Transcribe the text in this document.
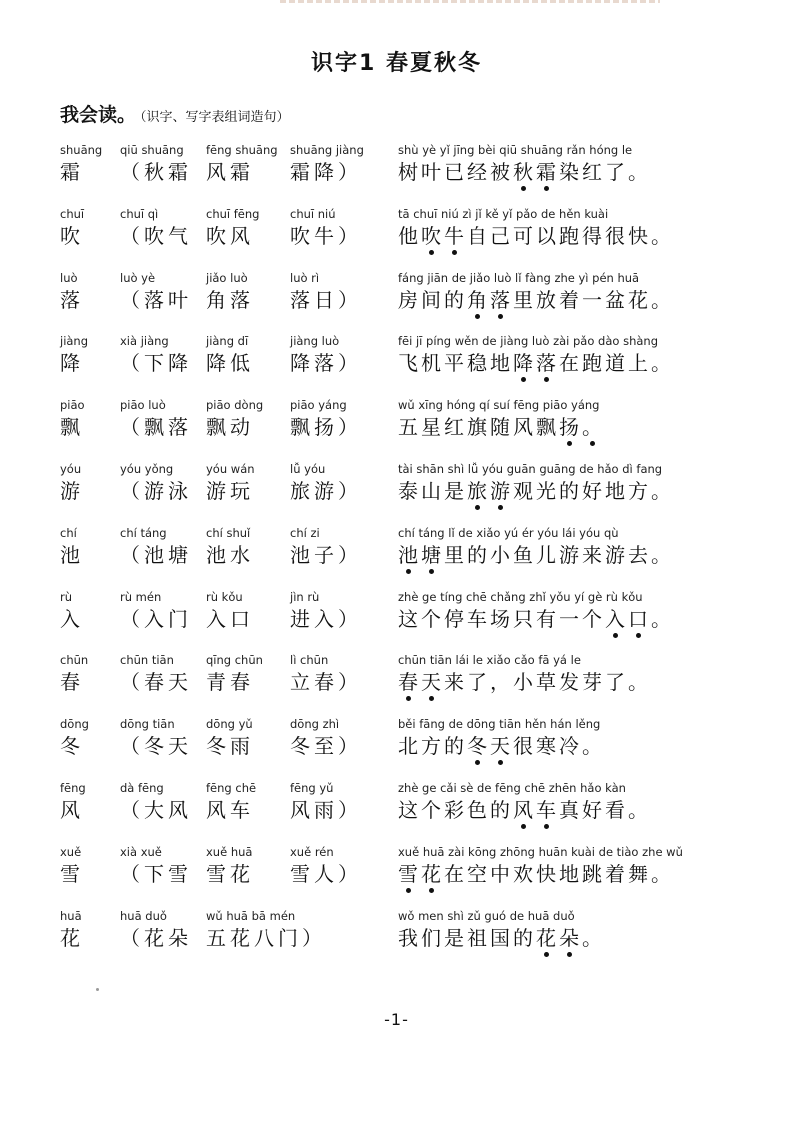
识字1 春夏秋冬
我会读。 （识字、写字表组词造句）
shuāng
霜
qiū shuāng
（秋霜
fēng shuāng
风霜
shuāng jiàng
霜降）
shù yè yǐ jīng bèi qiū shuāng rǎn hóng le
树叶已经被秋霜染红了。
chuī
吹
chuī qì
（吹气
chuī fēng
吹风
chuī niú
吹牛）
tā chuī niú zì jǐ kě yǐ pǎo de hěn kuài
他吹牛自己可以跑得很快。
luò
落
luò yè
（落叶
jiǎo luò
角落
luò rì
落日）
fáng jiān de jiǎo luò lǐ fàng zhe yì pén huā
房间的角落里放着一盆花。
jiàng
降
xià jiàng
（下降
jiàng dī
降低
jiàng luò
降落）
fēi jī píng wěn de jiàng luò zài pǎo dào shàng
飞机平稳地降落在跑道上。
piāo
飘
piāo luò
（飘落
piāo dòng
飘动
piāo yáng
飘扬）
wǔ xīng hóng qí suí fēng piāo yáng
五星红旗随风飘扬。
yóu
游
yóu yǒng
（游泳
yóu wán
游玩
lǚ yóu
旅游）
tài shān shì lǚ yóu guān guāng de hǎo dì fang
泰山是旅游观光的好地方。
chí
池
chí táng
（池塘
chí shuǐ
池水
chí zi
池子）
chí táng lǐ de xiǎo yú ér yóu lái yóu qù
池塘里的小鱼儿游来游去。
rù
入
rù mén
（入门
rù kǒu
入口
jìn rù
进入）
zhè ge tíng chē chǎng zhǐ yǒu yí gè rù kǒu
这个停车场只有一个入口。
chūn
春
chūn tiān
（春天
qīng chūn
青春
lì chūn
立春）
chūn tiān lái le xiǎo cǎo fā yá le
春天来了，小草发芽了。
dōng
冬
dōng tiān
（冬天
dōng yǔ
冬雨
dōng zhì
冬至）
běi fāng de dōng tiān hěn hán lěng
北方的冬天很寒冷。
fēng
风
dà fēng
（大风
fēng chē
风车
fēng yǔ
风雨）
zhè ge cǎi sè de fēng chē zhēn hǎo kàn
这个彩色的风车真好看。
xuě
雪
xià xuě
（下雪
xuě huā
雪花
xuě rén
雪人）
xuě huā zài kōng zhōng huān kuài de tiào zhe wǔ
雪花在空中欢快地跳着舞。
huā
花
huā duǒ
（花朵
wǔ huā bā mén
五花八门）
wǒ men shì zǔ guó de huā duǒ
我们是祖国的花朵。
-1-
